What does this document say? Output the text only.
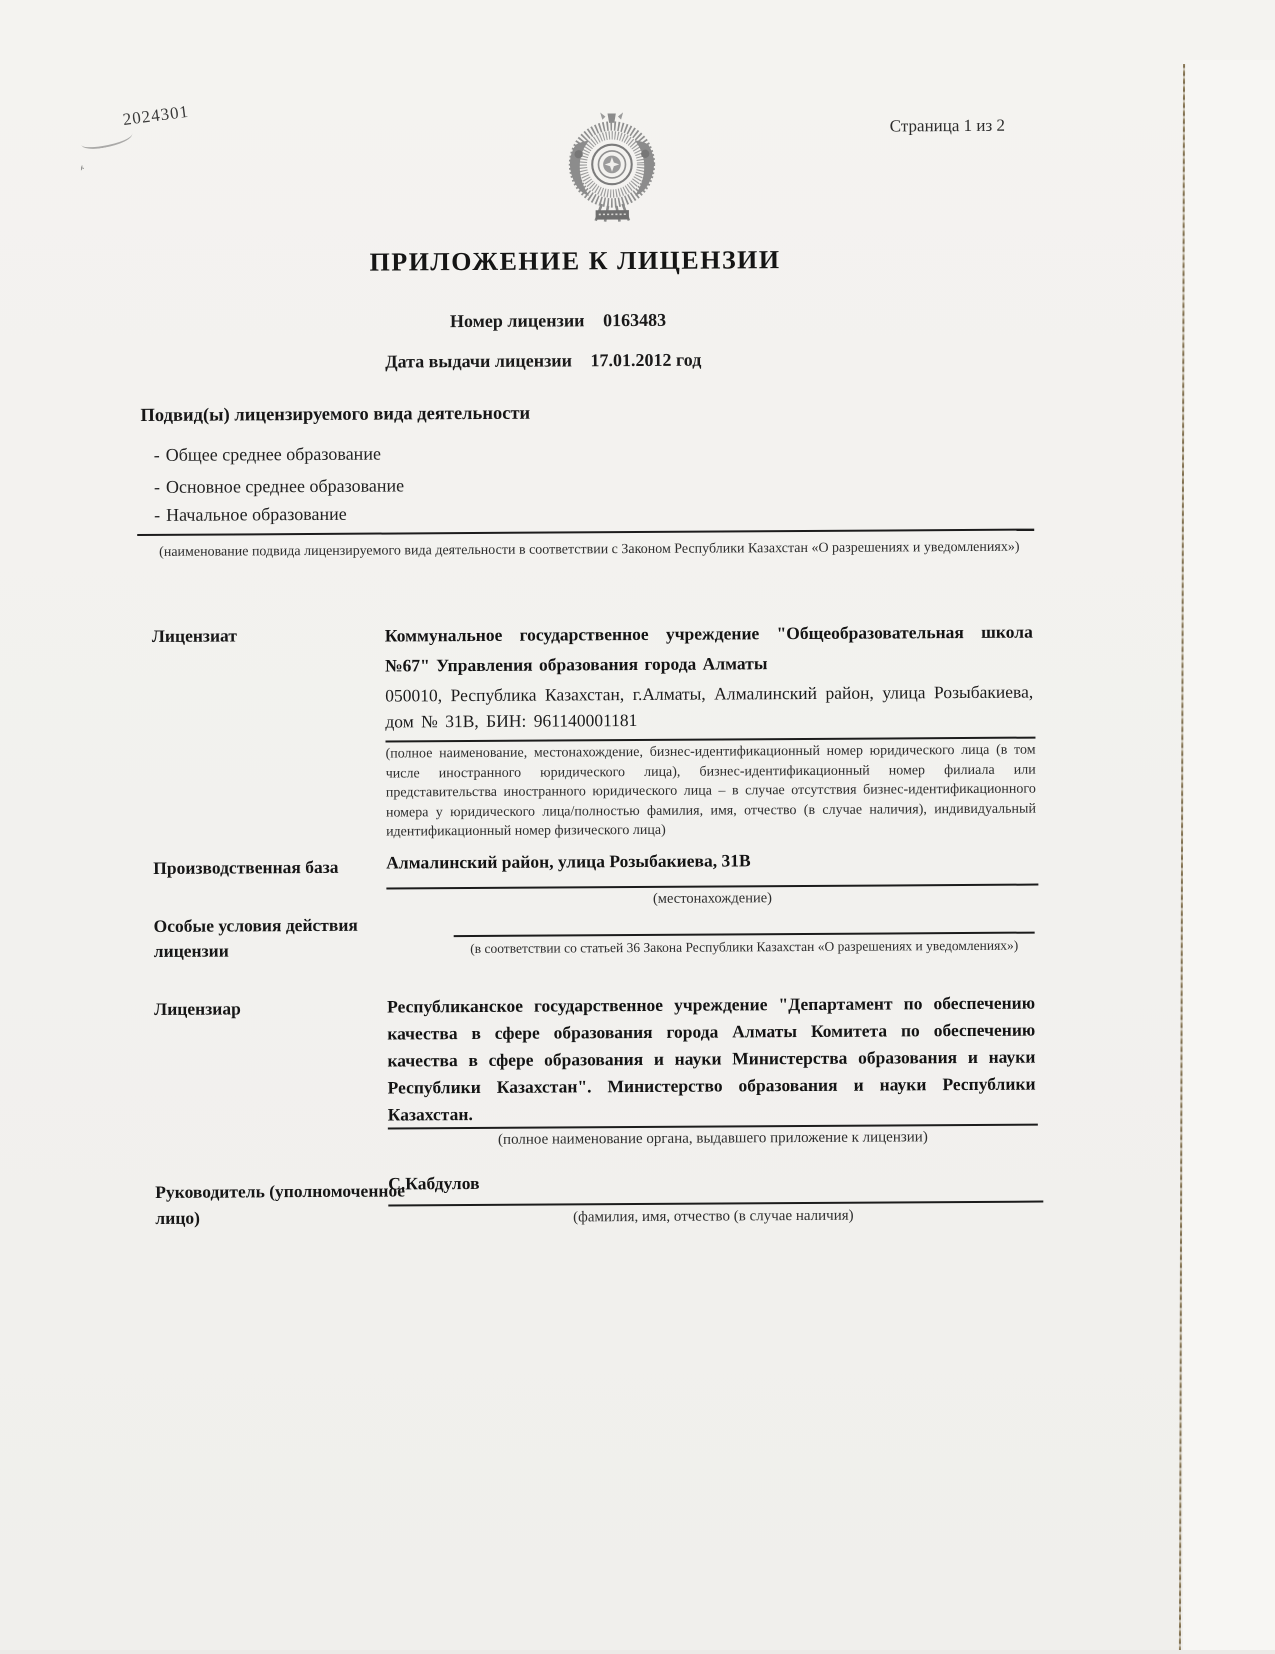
˫
2024301	Страница 1 из 2
ПРИЛОЖЕНИЕ К ЛИЦЕНЗИИ
Номер лицензии 0163483
Дата выдачи лицензии 17.01.2012 год
Подвид(ы) лицензируемого вида деятельности
- Общее среднее образование
- Основное среднее образование
- Начальное образование
(наименование подвида лицензируемого вида деятельности в соответствии с Законом Республики Казахстан «О разрешениях и уведомлениях»)
Лицензиат	Коммунальное государственное учреждение "Общеобразовательная школа №67" Управления образования города Алматы
050010, Республика Казахстан, г.Алматы, Алмалинский район, улица Розыбакиева, дом № 31В, БИН: 961140001181
(полное наименование, местонахождение, бизнес-идентификационный номер юридического лица (в том числе иностранного юридического лица), бизнес-идентификационный номер филиала или представительства иностранного юридического лица – в случае отсутствия бизнес-идентификационного номера у юридического лица/полностью фамилия, имя, отчество (в случае наличия), индивидуальный идентификационный номер физического лица)
Производственная база	Алмалинский район, улица Розыбакиева, 31В
(местонахождение)
Особые условия действия лицензии	(в соответствии со статьей 36 Закона Республики Казахстан «О разрешениях и уведомлениях»)
Лицензиар	Республиканское государственное учреждение "Департамент по обеспечению качества в сфере образования города Алматы Комитета по обеспечению качества в сфере образования и науки Министерства образования и науки Республики Казахстан". Министерство образования и науки Республики Казахстан.
(полное наименование органа, выдавшего приложение к лицензии)
Руководитель (уполномоченное лицо)
С.Кабдулов
(фамилия, имя, отчество (в случае наличия)
